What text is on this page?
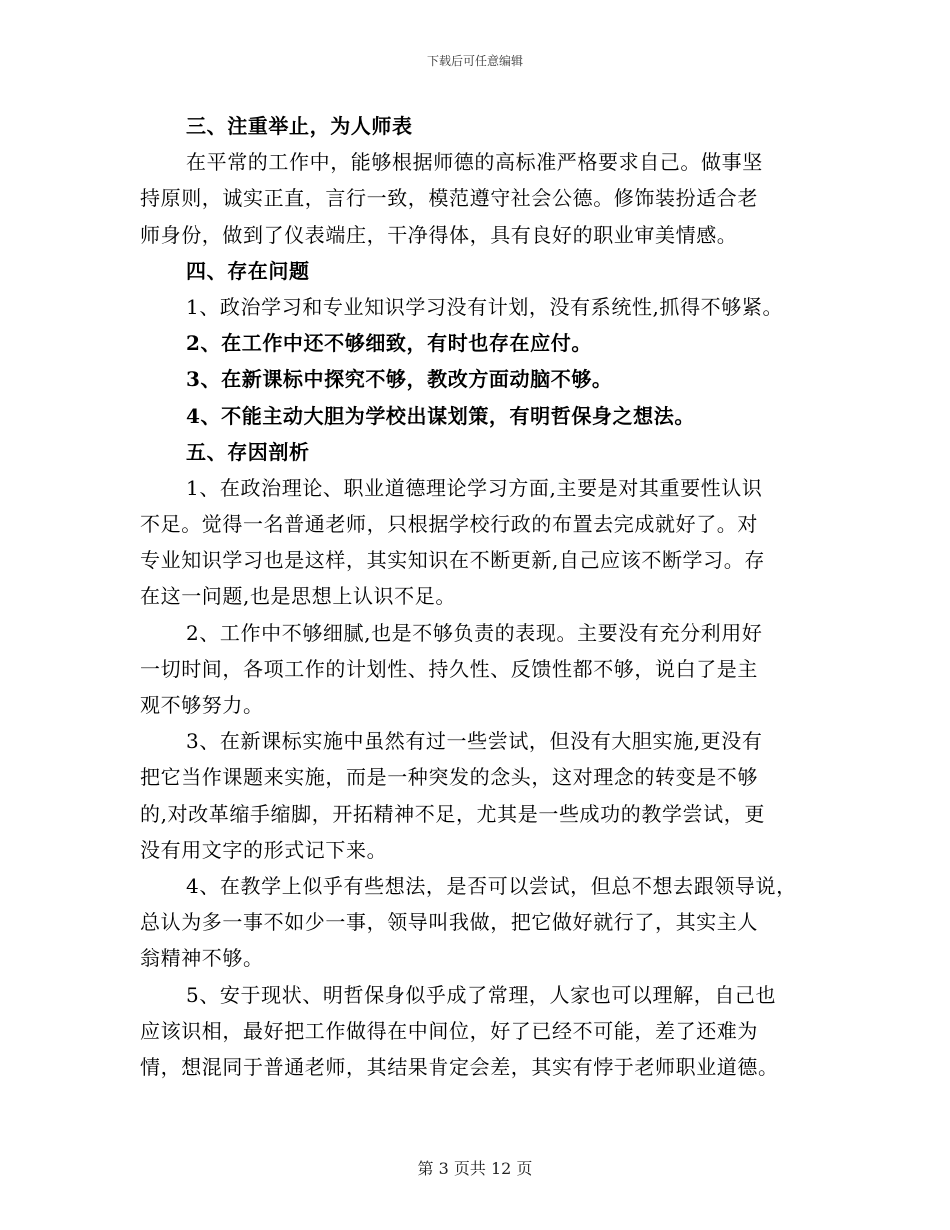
下载后可任意编辑
三、注重举止，为人师表
在平常的工作中，能够根据师德的高标准严格要求自己。做事坚
持原则，诚实正直，言行一致，模范遵守社会公德。修饰装扮适合老
师身份，做到了仪表端庄，干净得体，具有良好的职业审美情感。
四、存在问题
1、政治学习和专业知识学习没有计划，没有系统性,抓得不够紧。
2、在工作中还不够细致，有时也存在应付。
3、在新课标中探究不够，教改方面动脑不够。
4、不能主动大胆为学校出谋划策，有明哲保身之想法。
五、存因剖析
1、在政治理论、职业道德理论学习方面,主要是对其重要性认识
不足。觉得一名普通老师，只根据学校行政的布置去完成就好了。对
专业知识学习也是这样，其实知识在不断更新,自己应该不断学习。存
在这一问题,也是思想上认识不足。
2、工作中不够细腻,也是不够负责的表现。主要没有充分利用好
一切时间，各项工作的计划性、持久性、反馈性都不够，说白了是主
观不够努力。
3、在新课标实施中虽然有过一些尝试，但没有大胆实施,更没有
把它当作课题来实施，而是一种突发的念头，这对理念的转变是不够
的,对改革缩手缩脚，开拓精神不足，尤其是一些成功的教学尝试，更
没有用文字的形式记下来。
4、在教学上似乎有些想法，是否可以尝试，但总不想去跟领导说，
总认为多一事不如少一事，领导叫我做，把它做好就行了，其实主人
翁精神不够。
5、安于现状、明哲保身似乎成了常理，人家也可以理解，自己也
应该识相，最好把工作做得在中间位，好了已经不可能，差了还难为
情，想混同于普通老师，其结果肯定会差，其实有悖于老师职业道德。
第 3 页共 12 页
